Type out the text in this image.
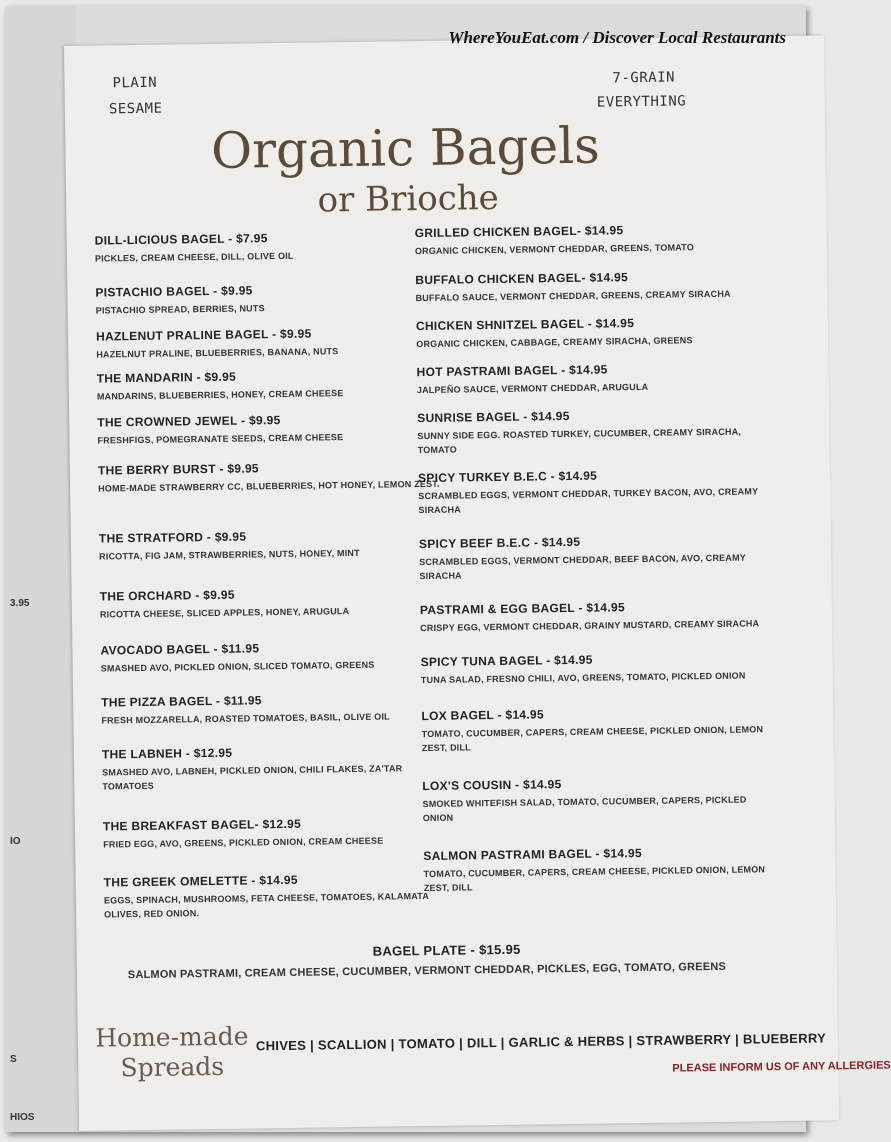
3.95
IO
S
HIOS
PLAIN
SESAME
7-GRAIN
EVERYTHING
Organic Bagels
or Brioche
DILL-LICIOUS BAGEL - $7.95
PICKLES, CREAM CHEESE, DILL, OLIVE OIL
PISTACHIO BAGEL - $9.95
PISTACHIO SPREAD, BERRIES, NUTS
HAZLENUT PRALINE BAGEL - $9.95
HAZELNUT PRALINE, BLUEBERRIES, BANANA, NUTS
THE MANDARIN - $9.95
MANDARINS, BLUEBERRIES, HONEY, CREAM CHEESE
THE CROWNED JEWEL - $9.95
FRESHFIGS, POMEGRANATE SEEDS, CREAM CHEESE
THE BERRY BURST - $9.95
HOME-MADE STRAWBERRY CC, BLUEBERRIES, HOT HONEY, LEMON ZEST.
THE STRATFORD - $9.95
RICOTTA, FIG JAM, STRAWBERRIES, NUTS, HONEY, MINT
THE ORCHARD - $9.95
RICOTTA CHEESE, SLICED APPLES, HONEY, ARUGULA
AVOCADO BAGEL - $11.95
SMASHED AVO, PICKLED ONION, SLICED TOMATO, GREENS
THE PIZZA BAGEL - $11.95
FRESH MOZZARELLA, ROASTED TOMATOES, BASIL, OLIVE OIL
THE LABNEH - $12.95
SMASHED AVO, LABNEH, PICKLED ONION, CHILI FLAKES, ZA'TAR TOMATOES
THE BREAKFAST BAGEL- $12.95
FRIED EGG, AVO, GREENS, PICKLED ONION, CREAM CHEESE
THE GREEK OMELETTE - $14.95
EGGS, SPINACH, MUSHROOMS, FETA CHEESE, TOMATOES, KALAMATA OLIVES, RED ONION.
GRILLED CHICKEN BAGEL- $14.95
ORGANIC CHICKEN, VERMONT CHEDDAR, GREENS, TOMATO
BUFFALO CHICKEN BAGEL- $14.95
BUFFALO SAUCE, VERMONT CHEDDAR, GREENS, CREAMY SIRACHA
CHICKEN SHNITZEL BAGEL - $14.95
ORGANIC CHICKEN, CABBAGE, CREAMY SIRACHA, GREENS
HOT PASTRAMI BAGEL - $14.95
JALPEÑO SAUCE, VERMONT CHEDDAR, ARUGULA
SUNRISE BAGEL - $14.95
SUNNY SIDE EGG. ROASTED TURKEY, CUCUMBER, CREAMY SIRACHA, TOMATO
SPICY TURKEY B.E.C - $14.95
SCRAMBLED EGGS, VERMONT CHEDDAR, TURKEY BACON, AVO, CREAMY SIRACHA
SPICY BEEF B.E.C - $14.95
SCRAMBLED EGGS, VERMONT CHEDDAR, BEEF BACON, AVO, CREAMY SIRACHA
PASTRAMI & EGG BAGEL - $14.95
CRISPY EGG, VERMONT CHEDDAR, GRAINY MUSTARD, CREAMY SIRACHA
SPICY TUNA BAGEL - $14.95
TUNA SALAD, FRESNO CHILI, AVO, GREENS, TOMATO, PICKLED ONION
LOX BAGEL - $14.95
TOMATO, CUCUMBER, CAPERS, CREAM CHEESE, PICKLED ONION, LEMON ZEST, DILL
LOX'S COUSIN - $14.95
SMOKED WHITEFISH SALAD, TOMATO, CUCUMBER, CAPERS, PICKLED ONION
SALMON PASTRAMI BAGEL - $14.95
TOMATO, CUCUMBER, CAPERS, CREAM CHEESE, PICKLED ONION, LEMON ZEST, DILL
BAGEL PLATE - $15.95
SALMON PASTRAMI, CREAM CHEESE, CUCUMBER, VERMONT CHEDDAR, PICKLES, EGG, TOMATO, GREENS
Home-made
Spreads
CHIVES | SCALLION | TOMATO | DILL | GARLIC & HERBS | STRAWBERRY | BLUEBERRY
PLEASE INFORM US OF ANY ALLERGIES
WhereYouEat.com / Discover Local Restaurants
